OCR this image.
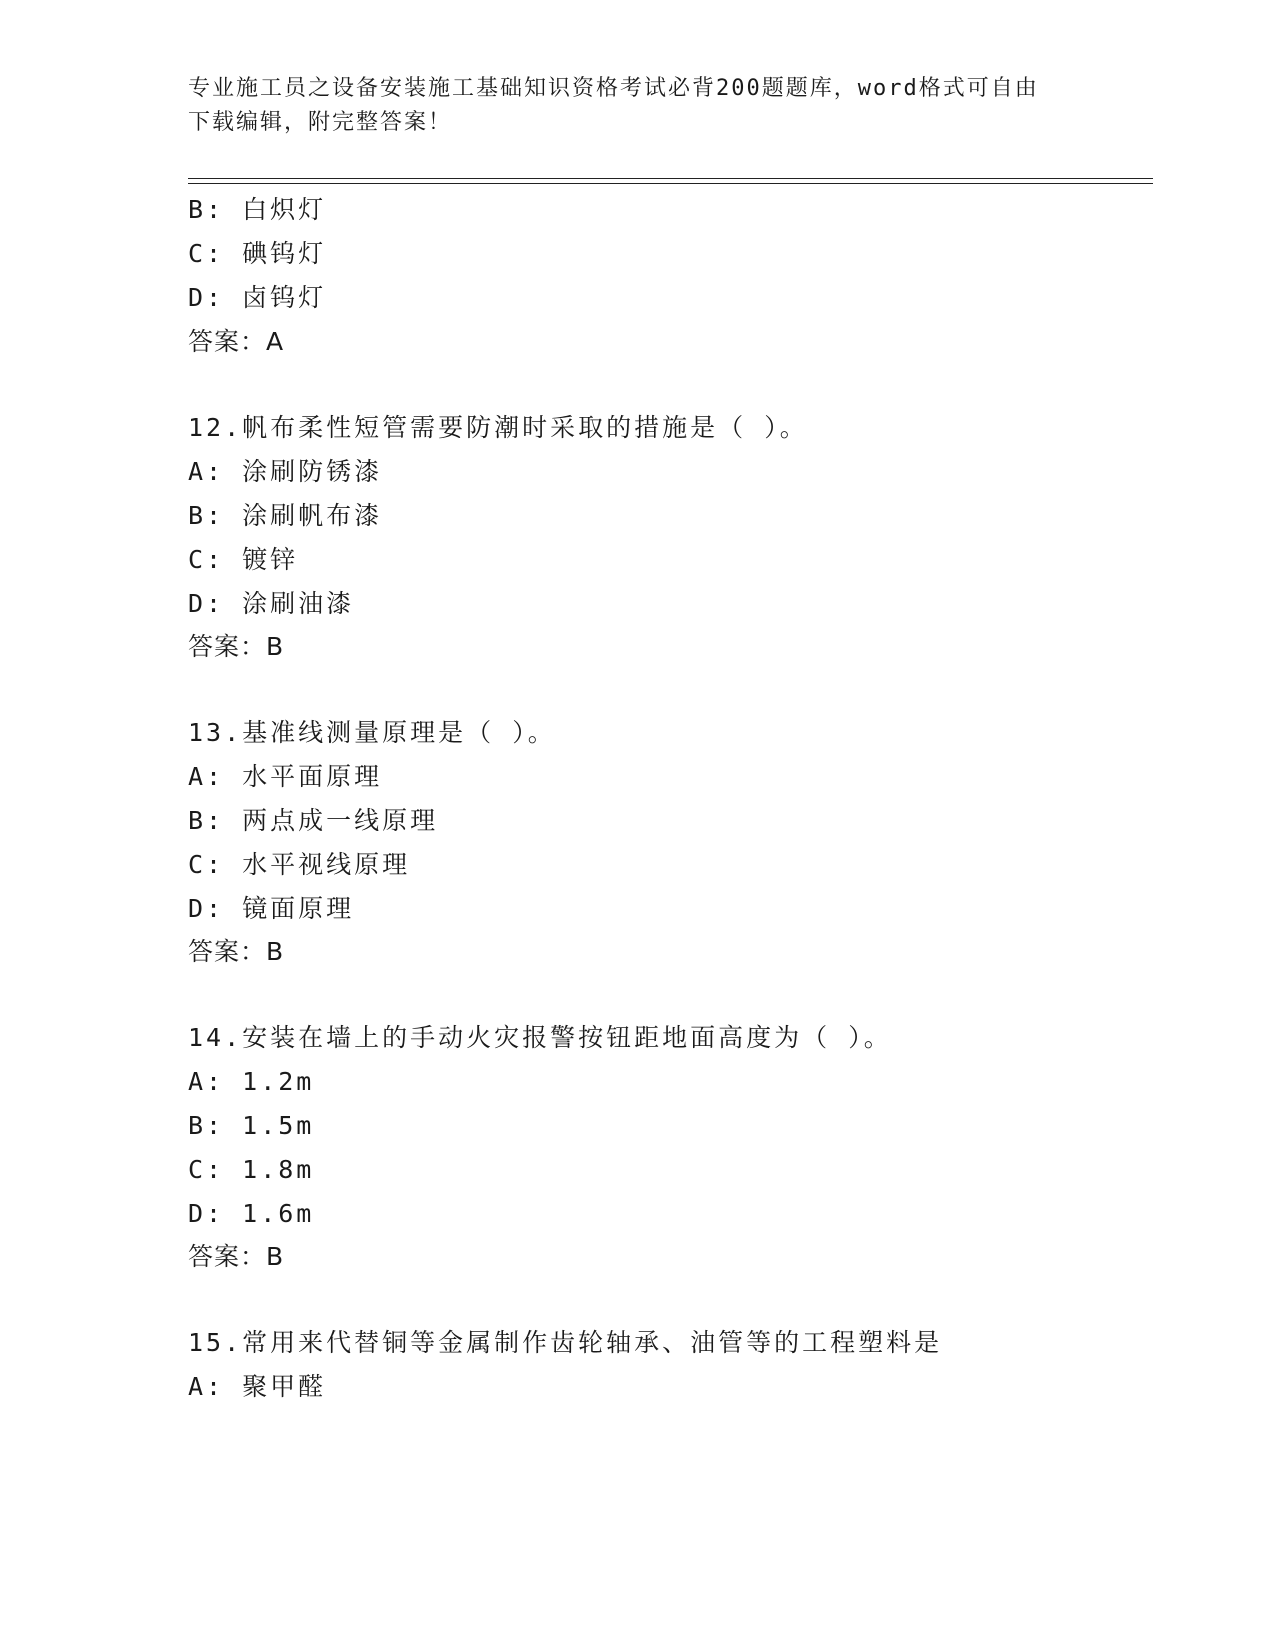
专业施工员之设备安装施工基础知识资格考试必背200题题库，word格式可自由
下载编辑，附完整答案！
B: 白炽灯
C: 碘钨灯
D: 卤钨灯
答案：A
12.帆布柔性短管需要防潮时采取的措施是（ ）。
A: 涂刷防锈漆
B: 涂刷帆布漆
C: 镀锌
D: 涂刷油漆
答案：B
13.基准线测量原理是（ ）。
A: 水平面原理
B: 两点成一线原理
C: 水平视线原理
D: 镜面原理
答案：B
14.安装在墙上的手动火灾报警按钮距地面高度为（ ）。
A: 1.2m
B: 1.5m
C: 1.8m
D: 1.6m
答案：B
15.常用来代替铜等金属制作齿轮轴承、油管等的工程塑料是
A: 聚甲醛
